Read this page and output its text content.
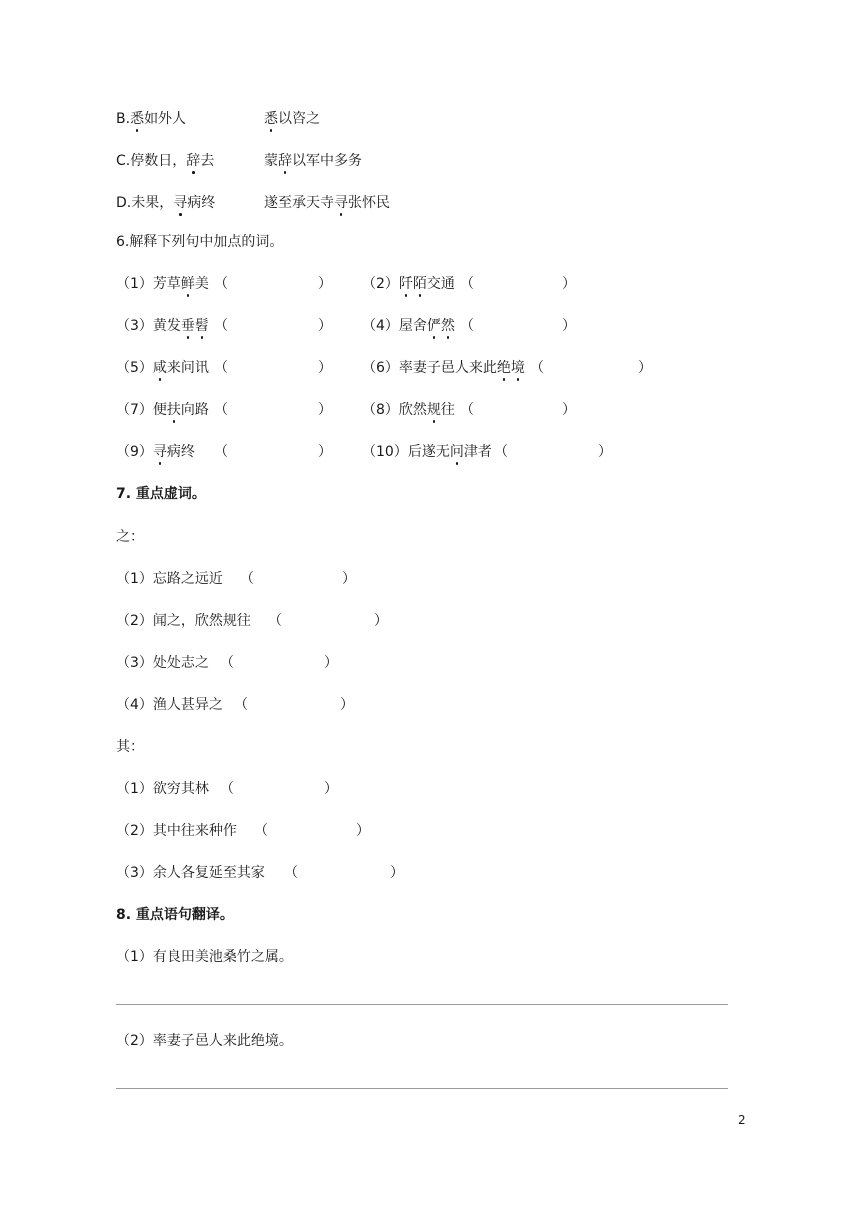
B.悉如外人	悉以咨之
C.停数日，辞去	蒙辞以军中多务
D.未果，寻病终	遂至承天寺寻张怀民
6.解释下列句中加点的词。
（1）芳草鲜美 （	） （2）阡陌交通 （	）
（3）黄发垂髫 （	） （4）屋舍俨然 （	）
（5）咸来问讯 （	） （6）率妻子邑人来此绝境 （	）
（7）便扶向路 （	） （8）欣然规往 （	）
（9）寻病终 （	） （10）后遂无问津者 （	）
7. 重点虚词。
之：
（1）忘路之远近 （	）
（2）闻之，欣然规往 （	）
（3）处处志之 （	）
（4）渔人甚异之 （	）
其：
（1）欲穷其林 （	）
（2）其中往来种作 （	）
（3）余人各复延至其家 （	）
8. 重点语句翻译。
（1）有良田美池桑竹之属。
（2）率妻子邑人来此绝境。
2
